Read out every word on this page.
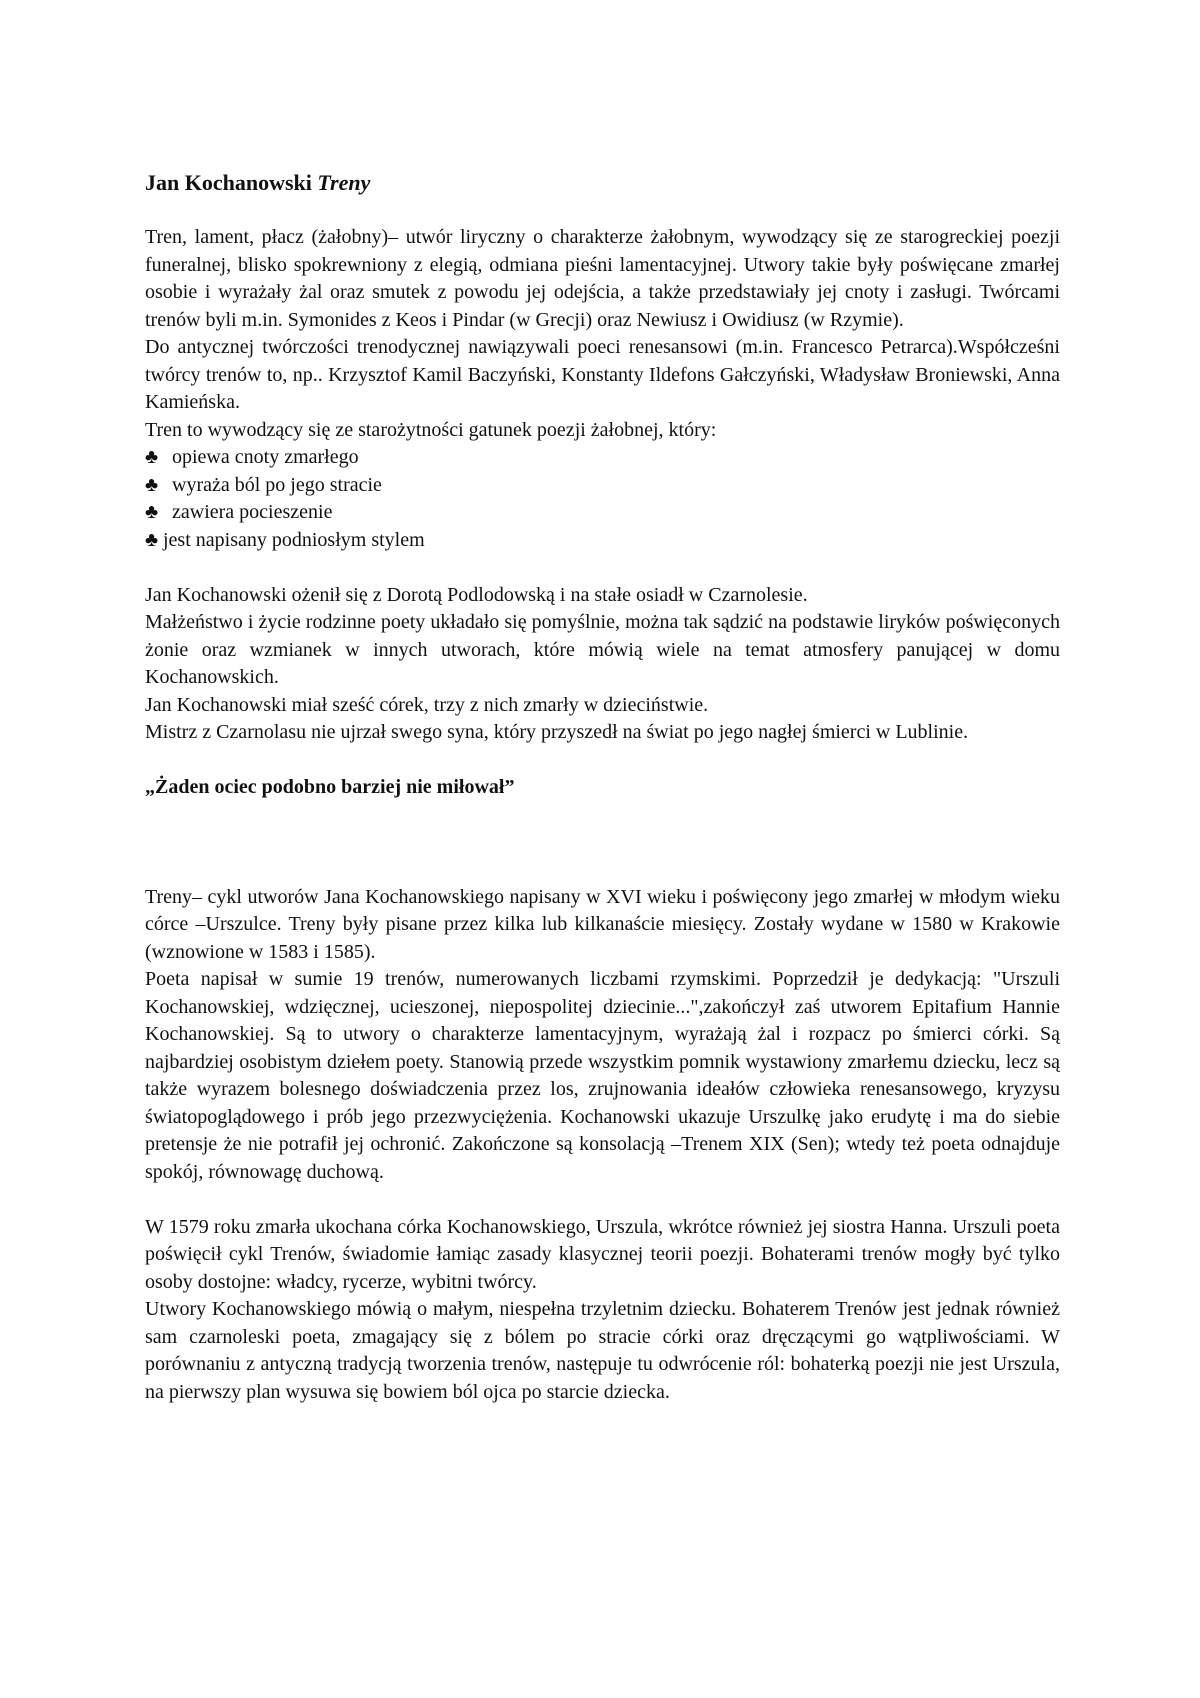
Jan Kochanowski Treny

Tren, lament, płacz (żałobny)– utwór liryczny o charakterze żałobnym, wywodzący się ze starogreckiej poezji funeralnej, blisko spokrewniony z elegią, odmiana pieśni lamentacyjnej. Utwory takie były poświęcane zmarłej osobie i wyrażały żal oraz smutek z powodu jej odejścia, a także przedstawiały jej cnoty i zasługi. Twórcami trenów byli m.in. Symonides z Keos i Pindar (w Grecji) oraz Newiusz i Owidiusz (w Rzymie).

Do antycznej twórczości trenodycznej nawiązywali poeci renesansowi (m.in. Francesco Petrarca).Współcześni twórcy trenów to, np.. Krzysztof Kamil Baczyński, Konstanty Ildefons Gałczyński, Władysław Broniewski, Anna Kamieńska.

Tren to wywodzący się ze starożytności gatunek poezji żałobnej, który:

♣ opiewa cnoty zmarłego
♣ wyraża ból po jego stracie
♣ zawiera pocieszenie
♣ jest napisany podniosłym stylem

Jan Kochanowski ożenił się z Dorotą Podlodowską i na stałe osiadł w Czarnolesie.

Małżeństwo i życie rodzinne poety układało się pomyślnie, można tak sądzić na podstawie liryków poświęconych żonie oraz wzmianek w innych utworach, które mówią wiele na temat atmosfery panującej w domu Kochanowskich.

Jan Kochanowski miał sześć córek, trzy z nich zmarły w dzieciństwie.

Mistrz z Czarnolasu nie ujrzał swego syna, który przyszedł na świat po jego nagłej śmierci w Lublinie.

„Żaden ociec podobno barziej nie miłował”

Treny– cykl utworów Jana Kochanowskiego napisany w XVI wieku i poświęcony jego zmarłej w młodym wieku córce –Urszulce. Treny były pisane przez kilka lub kilkanaście miesięcy. Zostały wydane w 1580 w Krakowie (wznowione w 1583 i 1585).

Poeta napisał w sumie 19 trenów, numerowanych liczbami rzymskimi. Poprzedził je dedykacją: "Urszuli Kochanowskiej, wdzięcznej, ucieszonej, niepospolitej dziecinie...",zakończył zaś utworem Epitafium Hannie Kochanowskiej. Są to utwory o charakterze lamentacyjnym, wyrażają żal i rozpacz po śmierci córki. Są najbardziej osobistym dziełem poety. Stanowią przede wszystkim pomnik wystawiony zmarłemu dziecku, lecz są także wyrazem bolesnego doświadczenia przez los, zrujnowania ideałów człowieka renesansowego, kryzysu światopoglądowego i prób jego przezwyciężenia. Kochanowski ukazuje Urszulkę jako erudytę i ma do siebie pretensje że nie potrafił jej ochronić. Zakończone są konsolacją –Trenem XIX (Sen); wtedy też poeta odnajduje spokój, równowagę duchową.

W 1579 roku zmarła ukochana córka Kochanowskiego, Urszula, wkrótce również jej siostra Hanna. Urszuli poeta poświęcił cykl Trenów, świadomie łamiąc zasady klasycznej teorii poezji. Bohaterami trenów mogły być tylko osoby dostojne: władcy, rycerze, wybitni twórcy.

Utwory Kochanowskiego mówią o małym, niespełna trzyletnim dziecku. Bohaterem Trenów jest jednak również sam czarnoleski poeta, zmagający się z bólem po stracie córki oraz dręczącymi go wątpliwościami. W porównaniu z antyczną tradycją tworzenia trenów, następuje tu odwrócenie ról: bohaterką poezji nie jest Urszula, na pierwszy plan wysuwa się bowiem ból ojca po starcie dziecka.
